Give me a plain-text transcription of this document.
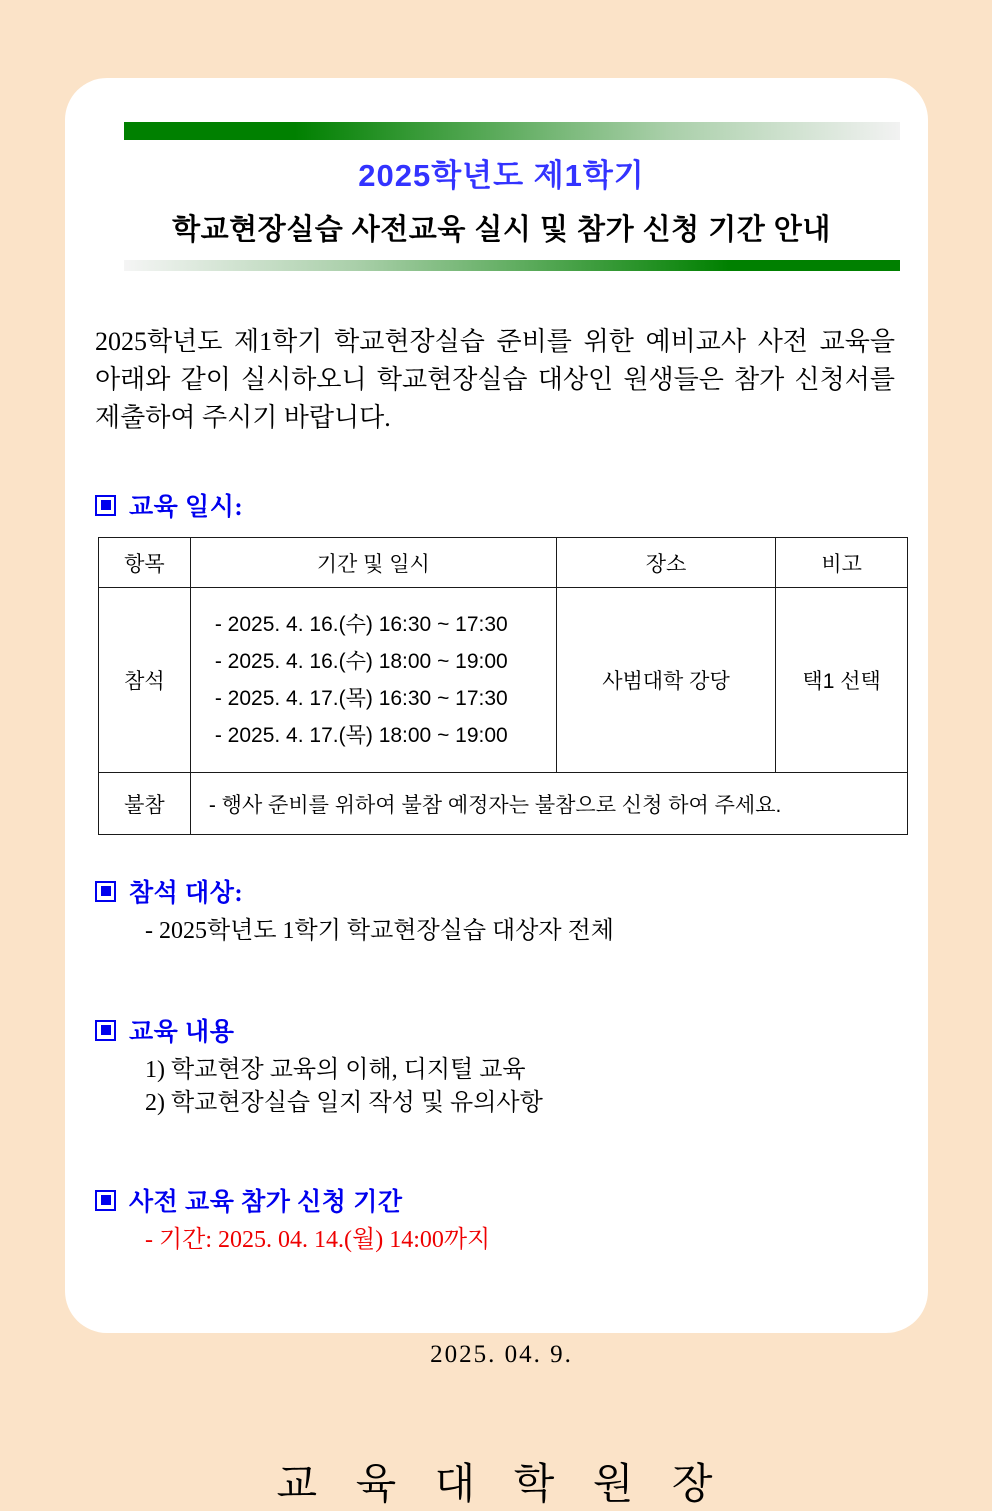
2025학년도 제1학기
학교현장실습 사전교육 실시 및 참가 신청 기간 안내
2025학년도 제1학기 학교현장실습 준비를 위한 예비교사 사전 교육을 아래와 같이 실시하오니 학교현장실습 대상인 원생들은 참가 신청서를 제출하여 주시기 바랍니다.
교육 일시:
항목	기간 및 일시	장소	비고
참석	- 2025. 4. 16.(수) 16:30 ~ 17:30
- 2025. 4. 16.(수) 18:00 ~ 19:00
- 2025. 4. 17.(목) 16:30 ~ 17:30
- 2025. 4. 17.(목) 18:00 ~ 19:00	사범대학 강당	택1 선택
불참	- 행사 준비를 위하여 불참 예정자는 불참으로 신청 하여 주세요.		
참석 대상:
- 2025학년도 1학기 학교현장실습 대상자 전체
교육 내용
1) 학교현장 교육의 이해, 디지털 교육
2) 학교현장실습 일지 작성 및 유의사항
사전 교육 참가 신청 기간
- 기간: 2025. 04. 14.(월) 14:00까지
2025. 04. 9.
교 육 대 학 원 장
